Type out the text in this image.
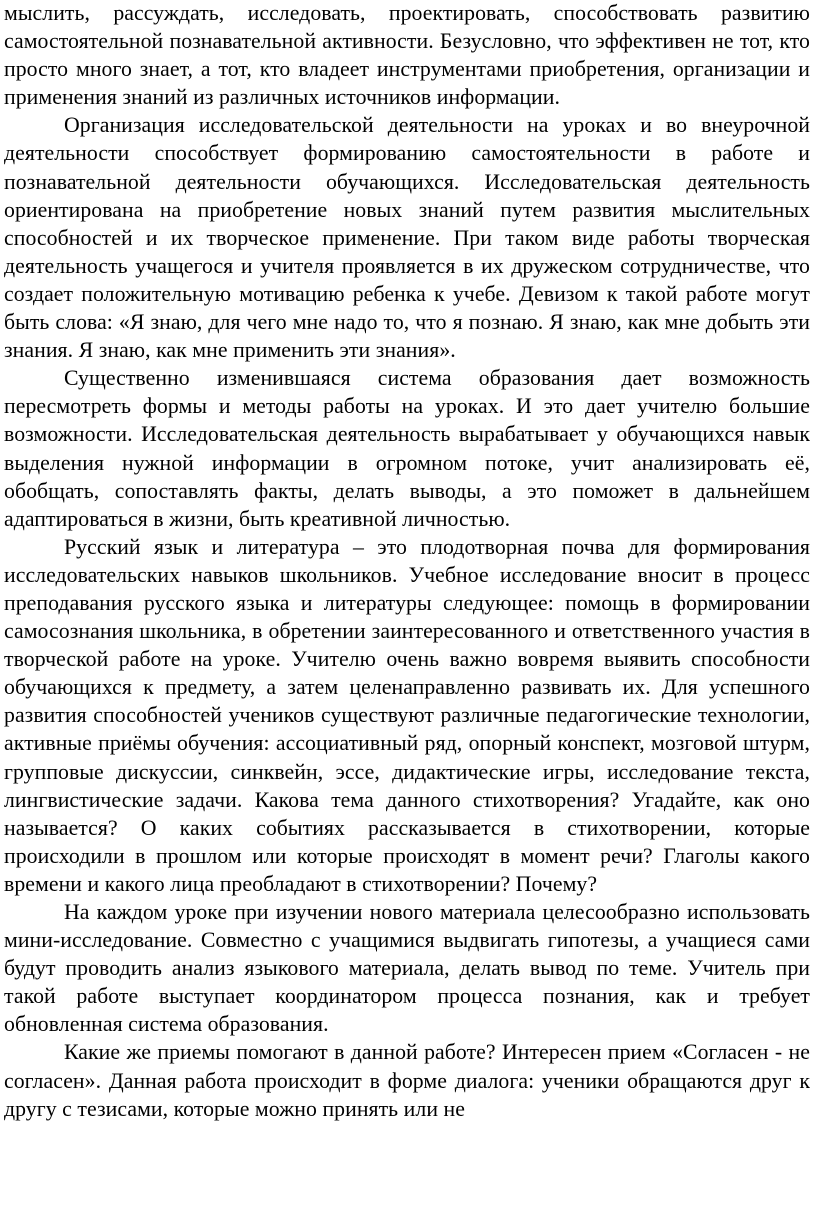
мыслить, рассуждать, исследовать, проектировать, способствовать развитию самостоятельной познавательной активности. Безусловно, что эффективен не тот, кто просто много знает, а тот, кто владеет инструментами приобретения, организации и применения знаний из различных источников информации.

Организация исследовательской деятельности на уроках и во внеурочной деятельности способствует формированию самостоятельности в работе и познавательной деятельности обучающихся. Исследовательская деятельность ориентирована на приобретение новых знаний путем развития мыслительных способностей и их творческое применение. При таком виде работы творческая деятельность учащегося и учителя проявляется в их дружеском сотрудничестве, что создает положительную мотивацию ребенка к учебе. Девизом к такой работе могут быть слова: «Я знаю, для чего мне надо то, что я познаю. Я знаю, как мне добыть эти знания. Я знаю, как мне применить эти знания».

Существенно изменившаяся система образования дает возможность пересмотреть формы и методы работы на уроках. И это дает учителю большие возможности. Исследовательская деятельность вырабатывает у обучающихся навык выделения нужной информации в огромном потоке, учит анализировать её, обобщать, сопоставлять факты, делать выводы, а это поможет в дальнейшем адаптироваться в жизни, быть креативной личностью.

Русский язык и литература – это плодотворная почва для формирования исследовательских навыков школьников. Учебное исследование вносит в процесс преподавания русского языка и литературы следующее: помощь в формировании самосознания школьника, в обретении заинтересованного и ответственного участия в творческой работе на уроке. Учителю очень важно вовремя выявить способности обучающихся к предмету, а затем целенаправленно развивать их. Для успешного развития способностей учеников существуют различные педагогические технологии, активные приёмы обучения: ассоциативный ряд, опорный конспект, мозговой штурм, групповые дискуссии, синквейн, эссе, дидактические игры, исследование текста, лингвистические задачи. Какова тема данного стихотворения? Угадайте, как оно называется? О каких событиях рассказывается в стихотворении, которые происходили в прошлом или которые происходят в момент речи? Глаголы какого времени и какого лица преобладают в стихотворении? Почему?

На каждом уроке при изучении нового материала целесообразно использовать мини-исследование. Совместно с учащимися выдвигать гипотезы, а учащиеся сами будут проводить анализ языкового материала, делать вывод по теме. Учитель при такой работе выступает координатором процесса познания, как и требует обновленная система образования.

Какие же приемы помогают в данной работе? Интересен прием «Согласен - не согласен». Данная работа происходит в форме диалога: ученики обращаются друг к другу с тезисами, которые можно принять или не
